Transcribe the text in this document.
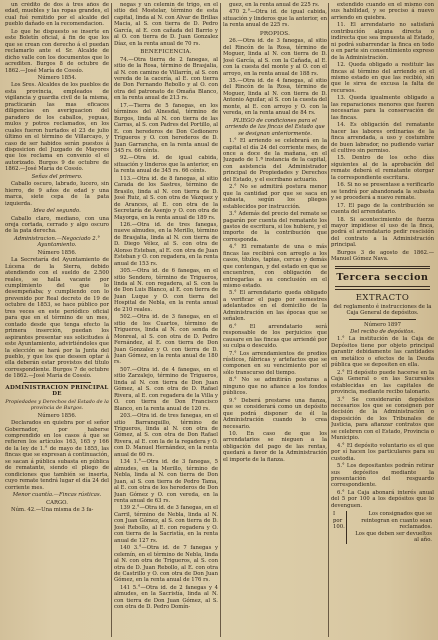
un crédito de dos á tres años de edad, muebles y las ropas grandes, el cual fué remitido por el alcalde del pueblo dañado en la recomendacion.

Lo que he dispuesto se inserte en este Boletín oficial, á fin de que los que se crean con derecho á el puedan reclamarlo ante el Sr. Alcalde de dicho valle con los documentos que lo acrediten. Burgos 8 de octubre de 1862.—José María de Cossío.

Número 1854.

Los Sres. Alcaldes de los pueblos de esta provincia, empleados de vigilancia y guardia civil de la misma, practicarán las mas eficaces diligencias en averiguacion del paradero de los caballos, yeguas, mulos y potros reclamados, en los cuales fueron hurtados el 23 de julio último en el término de Villarcayo, y caso de ser habidos serán puestos á disposicion del Juzgado de Mayores que los reclama en convenio el el autorizado. Burgos 9 de octubre de 1862.—José María de Cossío.

Señas del primero.

Caballo oscuro, labrado, lucero, sin hierro, de 9 años de edad y una marca, siete cepa de la pata izquierda.

Idea del segundo.

Caballo claro, mediano, con una oreja cortada, cerrado y algo oscuro de la pata derecha.

Administracion.—Negociado 2.° Ayuntamiento.

Número 1856.

La Secretaría del Ayuntamiento de Lúcena de la Sierra, debido atendiendo con el sueldo de 2.500 reales, se halla vacante por cumplimiento del que lo desempeñaba; y cumpliendo con lo prevenido por Real decreto de 19 de octubre de 1853, se hace público por tres veces en este periódico oficial para que en el término de un mes, contado desde que tenga efecto la primera inserción, puedan los aspirantes presentar sus solicitudes á este Ayuntamiento, advirtiéndoles que la elección se hará por la Junta del pueblo, y que los que deseen optar á ella deberán estar provistos del título correspondiente. Burgos 7 de octubre de 1862.—José María de Cossío.

ADMINISTRACION PRINCIPAL DE

Propiedades y Derechos del Estado de la provincia de Burgos.

Número 1856.

Declarados en quiebra por el señor Gobernador, por haberse comprendido en los casos á que se refieren los artículos 163, 165 y 166 de la ley de 1.° de mayo de 1855, las fincas que se expresan á continuación, se sacan á pública subasta en pública de rematante, siendo el pliego de condiciones que también se inserta, cuyo remate tendrá lugar el día 24 del corriente mes.

Menor cuantía.—Fincas rústicas.

CARGO.

Núm. 42.—Una misma de 3 fa-

negas y un celemín de trigo, en el sitio del Mostelar, término de esta capital, linda al N. con Alvar de Brillas Macia, al S. con tierra de D. Pedro García, al E. con cañada del Barrio y al O. con tierra de D. Juan Gonzalez Díaz, en la renta anual de 70 rs.

BENEFICENCIA.

74.—Otra tierra de 2 fanegas, al sitio de la Rosa, término de Brasjalia, al N. con camino de Villarrín, al S. con vereda de la cacería, al E. con tierra de Don Fernando Rebollo y al O. con otra del patronato de Omaña Blanco, en la renta anual de 213 rs.

17.—Tierra de 5 fanegas, en los términos del Alnesdal, término de Burgos, linda al N. con tierra de las Carras, al S. con Padres del Portillo, al E. con herederos de Don Cedionero Trigueros y O. con herederos de D. Juan Garrancha, en la renta anual de 345 rs. 66 cénts.

92.—Otra id. de igual cabida, situación y linderos que la anterior, en la renta anual de 345 rs. 66 cénts.

113.—Otra id. de 8 fanegas, al sitio Carada de los Sastres, término de Brasilo, linda al N. con tierra de D. José Ruiz, al S. con otra de Vázquez y de Arances, al E. con otra de la Secretaría de Asenjo y O. con otra de Mayorga, en la renta anual de 189 rs.

126.—Otra id. de tres fanegas, nueve almudes, en la Merillo, término de Brasjalia, linda al N. con tierra de D. Diego Vélez, al S. con otra de Alonso Esteban, al E. con otra de Juan Esteban y O. con regadera, en la renta anual de 153 rs.

305.—Otra id. de 6 fanegas, en el sitio Sendero, término de Trigueros, linda al N. con regadera, al S. con la de Don Luis Blanco, al E. con tierra de Juan Luque y O. con tierra del Hospital de Nebla, en la renta anual de 210 reales.

502.—Otra id. de 3 fanegas, en el sitio de los Cuartos, término de Trigueros, linda al N. con senda de Monreal, al S. con otra de D. Pedro Fernández, al E. con tierra de Don Juan Gonzalez y O. con tierra de D. Juan Gómez, en la renta anual de 180 rs.

507.—Otra id. de 4 fanegas, en el sitio Zarzalejo, término de Trigueros, linda al N. con tierra de Don Juan Gómez, al S. con otra de D. Rafael Rivera, al E. con regadera de la Villa y O. con tierra de Don Francisco Blanco, en la renta anual de 120 rs.

203.—Otra id. de tres fanegas, en el sitio Barranquillo, término de Trigueros, linda al N. con otra de Gómez, al S. con otra de Don Rafael Rivera, al E. con la de la regadera y O. con D. Manuel Hernández, en la renta anual de 60 rs.

134 1.°—Otra id. de 3 fanegas, 5 almudes, en la Merillo, término de Nebla, linda al N. con tierra de Don Juan, al S. con tierra de Pedro Tama, al E. con otra de los herederos de Don Juan Gómez y O. con vereda, en la renta anual de 63 rs.

139 2.°—Otra id. de 3 fanegas, en el Carril, término de Nebla, linda al N. con Juan Gómez, al S. con tierra de D. José Rebollo, al E. con regadera y O. con tierra de la Sacristía, en la renta anual de 127 rs.

140 3.°—Otra id. de 7 fanegas y celemín, en el término de Nebla, linda al N. con otra de Trigueros, al S. con otra de D. Juan Rebollo, al E. con otra de Castrillo y O. con otra de Don Juan Gómez, en la renta anual de 176 rs.

141 5.°—Otra id. de 2 fanegas y 4 almudes, en la Sacristía, linda al N. con tierra de Don Juan Gómez, al S. con otra de D. Pedro Domín-

guez, en la renta anual de 225 rs.

470 2.°—Otra id. de igual cabida, situación y linderos que la anterior, en la renta anual de 225 rs.

PROPIOS.

26.—Otra id. de 3 fanegas, al sitio del Rincón de la Rosa, término de Moguer, linda al N. con tierra de D. José García, al S. con la Cañada, al E. con la cuesta del monte y al O. con el arroyo, en la renta anual de 188 rs.

35.—Otra id. de 4 fanegas, al sitio del Rincón de la Rosa, término de Moguer, linda al N. con tierra de D. Antonio Aguilar, al S. con la cuesta del monte, al E. con arroyo y O. con la vereda, en la renta anual de 84 rs.

PLIEGO de condiciones para el arriendo de las fincas del Estado que se designan anteriormente.

1.° El arriendo se celebrará en la capital el día 24 del corriente mes, de once a doce de la mañana, en el Juzgado de 1.ª instancia de la capital, con asistencia del Administrador principal de Propiedades y Derechos del Estado, y el escribano actuario.

2.° No se admitirá postura menor que la cantidad por que se saca en subasta, según los pliegos establecidos por instrucción.

3.° Además del precio del remate se pagarán por cuenta del rematante los gastos de escritura, si los hubiere, y el importe de la contribución que corresponda.

4.° El rematante de una o más fincas las recibirá con arreglo a los casos, títulos, tapias, cercas y demás que contengan, y del estado en que se encuentren, con obligación de entregarlas a su conclusión en el mismo estado.

5.° El arrendatario queda obligado a verificar el pago por semestres adelantados en el domicilio de la Administración en las épocas que se señalen.

6.° El arrendatario será responsable de los perjuicios que causare en las fincas que arriendé por su culpa o descuido.

7.° Los arrendamientos de predios rústicos, fábricas y artefactos que se componen en su vencimiento por el sólo transcurso del tiempo.

8.° No se admitirán posturas a ninguno que no afiance a los fondos públicos.

9.° Deberá prestarse una fianza, que se considerará como un depósito que podrá disponer de él la Administración cuando lo crea necesario.

10. En caso de que los arrendatarios se nieguen a la obligación del pago de las rentas, quedará a favor de la Administración el importe de la fianza.

extendido cuando en el mismo con sus habilidad, y se preciso á nuevo arriendo en quiebra.

11. El arrendatario no satisfará contribución alguna directa o indirecta que sea impuesta al Estado, ni podrá subarrendar la finca en todo o en parte sin consentimiento expreso de la Administración.

12. Queda obligado a restituir las fincas al término del arriendo en el mismo estado en que las recibió, sin que le sirva de excusa la falta de recursos.

13. Queda igualmente obligado a las reparaciones menores que fueren necesarias para la conservación de las fincas.

14. Es obligación del rematante hacer las labores ordinarias de la finca arrendada, a uso y costumbre de buen labrador, no pudiendo variar el cultivo sin permiso.

15. Dentro de los ocho días siguientes al de la aprobación del remate deberá el rematante otorgar la correspondiente escritura.

16. Si no se presentase a verificarlo se tendrá por abandonada la subasta y se procederá a nuevo remate.

17. El pago de la contribución se cuenta del arrendatario.

18. Si acontecimiento de fuerza mayor impidiese el uso de la finca, podrá el arrendatario pedir rescisión del contrato a la Administración principal.

Burgos 3 de agosto de 1862.—Manuel Gómez Nava.

Tercera seccion

EXTRACTO

del reglamento é instrucciones de la Caja General de depósitos.

Número 1897

Del recibo de depósitos.

1.° La institución de la Caja de Depósitos tiene por objeto principal garantir debidamente las cantidades en metálico o efectos de la Deuda pública que se depositen en ella.

2.° El depósito puede hacerse en la Caja General o en las Sucursales establecidas en las capitales de provincia, mediante recibo talonario.

3.° Se considerarán depósitos necesarios los que se consignen por decisión de la Administración o disposición de los Tribunales de Justicia, para afianzar contratos que se celebren con el Estado, Provincia o Municipio.

4.° El depósito voluntario es el que por sí hacen los particulares para su custodia.

5.° Los depositantes podrán retirar sus depósitos mediante la presentación del resguardo correspondiente.

6.° La Caja abonará interés anual del 5 por 100 a los depósitos que lo devenguen.

I por 100.
Los consignados que se reintegran en cuanto sean reclamados.
Los que deben ser devueltos al año.
